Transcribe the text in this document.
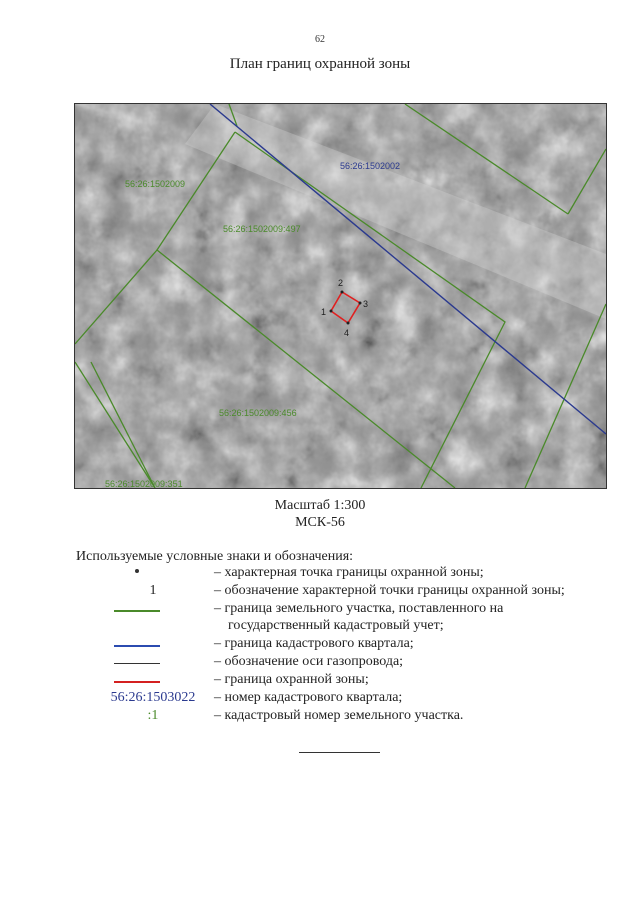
62
План границ охранной зоны
1
2
3
4
56:26:1502002
56:26:1502009
56:26:1502009:497
56:26:1502009:456
56:26:1502009:351
Масштаб 1:300
МСК-56
Используемые условные знаки и обозначения:
– характерная точка границы охранной зоны;
1	– обозначение характерной точки границы охранной зоны;
– граница земельного участка, поставленного на
государственный кадастровый учет;
– граница кадастрового квартала;
– обозначение оси газопровода;
– граница охранной зоны;
56:26:1503022	– номер кадастрового квартала;
:1	– кадастровый номер земельного участка.
